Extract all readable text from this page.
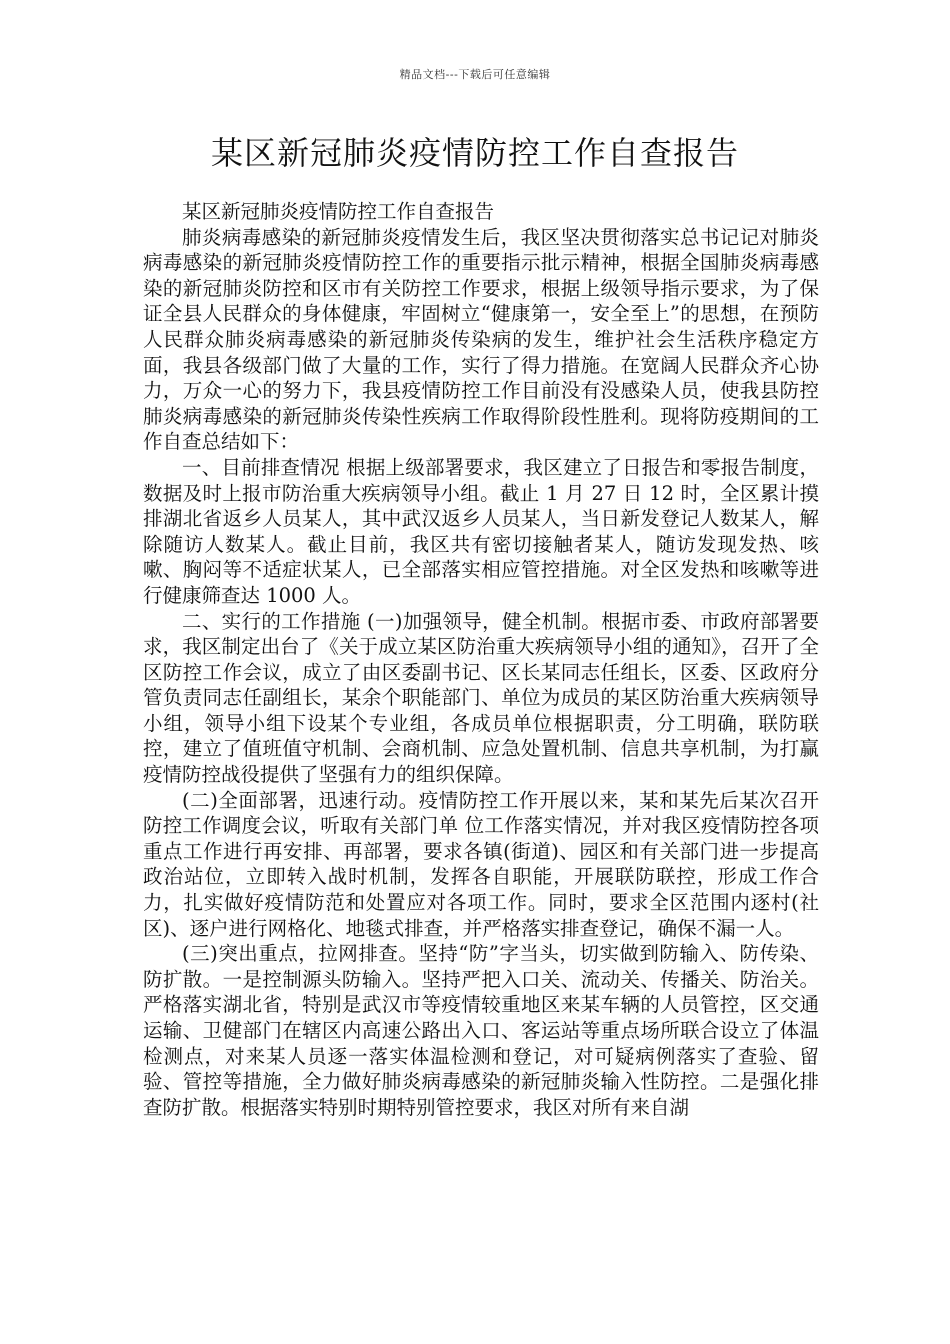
精品文档---下载后可任意编辑
某区新冠肺炎疫情防控工作自查报告

某区新冠肺炎疫情防控工作自查报告

肺炎病毒感染的新冠肺炎疫情发生后，我区坚决贯彻落实总书记记对肺炎病毒感染的新冠肺炎疫情防控工作的重要指示批示精神，根据全国肺炎病毒感染的新冠肺炎防控和区市有关防控工作要求，根据上级领导指示要求，为了保证全县人民群众的身体健康，牢固树立“健康第一，安全至上”的思想，在预防人民群众肺炎病毒感染的新冠肺炎传染病的发生，维护社会生活秩序稳定方面，我县各级部门做了大量的工作，实行了得力措施。在宽阔人民群众齐心协力，万众一心的努力下，我县疫情防控工作目前没有没感染人员，使我县防控肺炎病毒感染的新冠肺炎传染性疾病工作取得阶段性胜利。现将防疫期间的工作自查总结如下：

一、目前排查情况 根据上级部署要求，我区建立了日报告和零报告制度，数据及时上报市防治重大疾病领导小组。截止 1 月 27 日 12 时，全区累计摸排湖北省返乡人员某人，其中武汉返乡人员某人，当日新发登记人数某人，解除随访人数某人。截止目前，我区共有密切接触者某人，随访发现发热、咳嗽、胸闷等不适症状某人，已全部落实相应管控措施。对全区发热和咳嗽等进行健康筛查达 1000 人。

二、实行的工作措施 (一)加强领导，健全机制。根据市委、市政府部署要求，我区制定出台了《关于成立某区防治重大疾病领导小组的通知》，召开了全区防控工作会议，成立了由区委副书记、区长某同志任组长，区委、区政府分管负责同志任副组长，某余个职能部门、单位为成员的某区防治重大疾病领导小组，领导小组下设某个专业组，各成员单位根据职责，分工明确，联防联控，建立了值班值守机制、会商机制、应急处置机制、信息共享机制，为打赢疫情防控战役提供了坚强有力的组织保障。

(二)全面部署，迅速行动。疫情防控工作开展以来，某和某先后某次召开防控工作调度会议，听取有关部门单 位工作落实情况，并对我区疫情防控各项重点工作进行再安排、再部署，要求各镇(街道)、园区和有关部门进一步提高政治站位，立即转入战时机制，发挥各自职能，开展联防联控，形成工作合力，扎实做好疫情防范和处置应对各项工作。同时，要求全区范围内逐村(社区)、逐户进行网格化、地毯式排查，并严格落实排查登记，确保不漏一人。

(三)突出重点，拉网排查。坚持“防”字当头，切实做到防输入、防传染、防扩散。一是控制源头防输入。坚持严把入口关、流动关、传播关、防治关。严格落实湖北省，特别是武汉市等疫情较重地区来某车辆的人员管控，区交通运输、卫健部门在辖区内高速公路出入口、客运站等重点场所联合设立了体温检测点，对来某人员逐一落实体温检测和登记，对可疑病例落实了查验、留验、管控等措施，全力做好肺炎病毒感染的新冠肺炎输入性防控。二是强化排查防扩散。根据落实特别时期特别管控要求，我区对所有来自湖
